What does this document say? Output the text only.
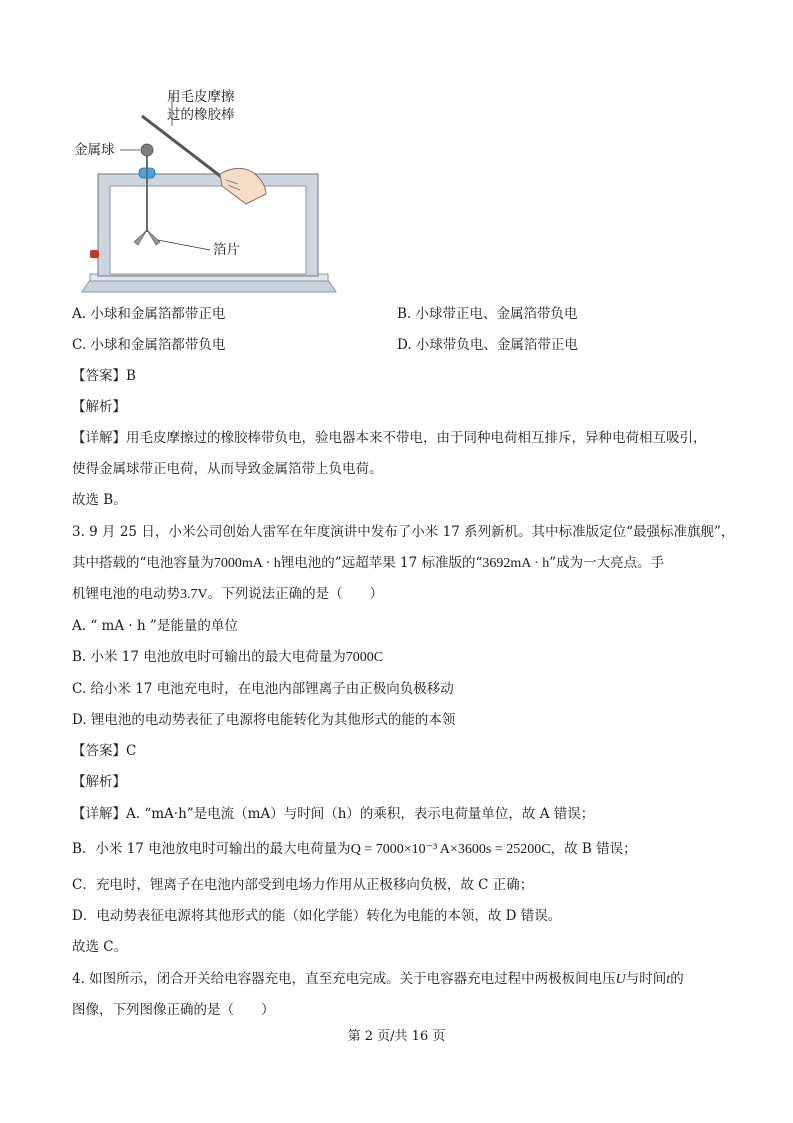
用毛皮摩擦
过的橡胶棒
金属球
箔片
A. 小球和金属箔都带正电	B. 小球带正电、金属箔带负电
C. 小球和金属箔都带负电	D. 小球带负电、金属箔带正电
【答案】B
【解析】
【详解】用毛皮摩擦过的橡胶棒带负电，验电器本来不带电，由于同种电荷相互排斥，异种电荷相互吸引，
使得金属球带正电荷，从而导致金属箔带上负电荷。
故选 B。
3. 9 月 25 日，小米公司创始人雷军在年度演讲中发布了小米 17 系列新机。其中标准版定位“最强标准旗舰”，
其中搭载的“电池容量为7000mA · h锂电池的”远超苹果 17 标准版的“3692mA · h”成为一大亮点。手
机锂电池的电动势3.7V。下列说法正确的是（　　）
A. “ mA · h ”是能量的单位
B. 小米 17 电池放电时可输出的最大电荷量为7000C
C. 给小米 17 电池充电时，在电池内部锂离子由正极向负极移动
D. 锂电池的电动势表征了电源将电能转化为其他形式的能的本领
【答案】C
【解析】
【详解】A. “mA·h”是电流（mA）与时间（h）的乘积，表示电荷量单位，故 A 错误；
B．小米 17 电池放电时可输出的最大电荷量为Q = 7000×10⁻³ A×3600s = 25200C，故 B 错误；
C．充电时，锂离子在电池内部受到电场力作用从正极移向负极，故 C 正确；
D．电动势表征电源将其他形式的能（如化学能）转化为电能的本领，故 D 错误。
故选 C。
4. 如图所示，闭合开关给电容器充电，直至充电完成。关于电容器充电过程中两极板间电压U与时间t的
图像，下列图像正确的是（　　）
第 2 页/共 16 页
